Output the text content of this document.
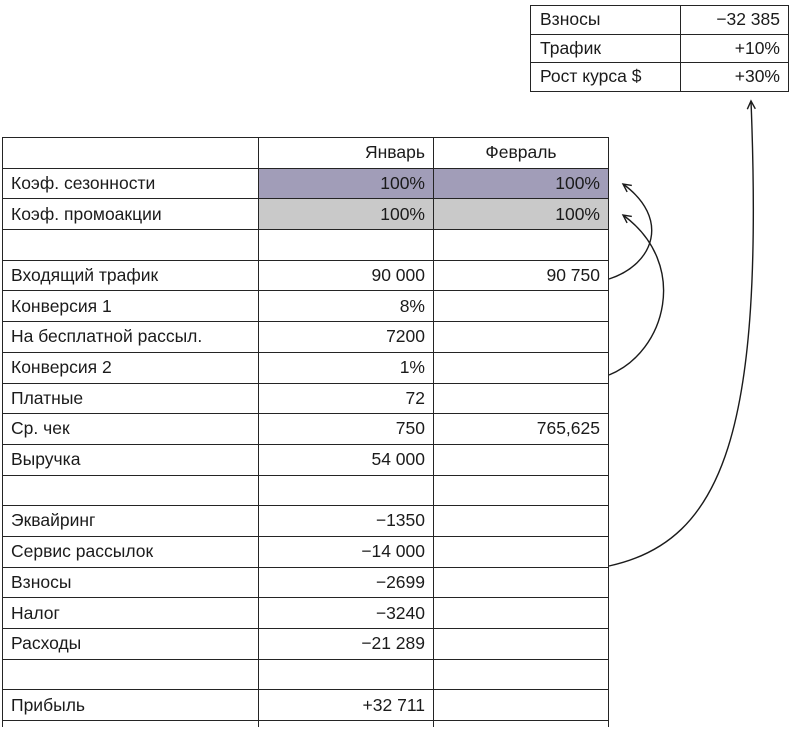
Взносы	−32 385
Трафик	+10%
Рост курса $	+30%
	Январь	Февраль
Коэф. сезонности	100%	100%
Коэф. промоакции	100%	100%

Входящий трафик	90 000	90 750
Конверсия 1	8%	
На бесплатной рассыл.	7200	
Конверсия 2	1%	
Платные	72	
Ср. чек	750	765,625
Выручка	54 000	

Эквайринг	−1350	
Сервис рассылок	−14 000	
Взносы	−2699	
Налог	−3240	
Расходы	−21 289	

Прибыль	+32 711	
